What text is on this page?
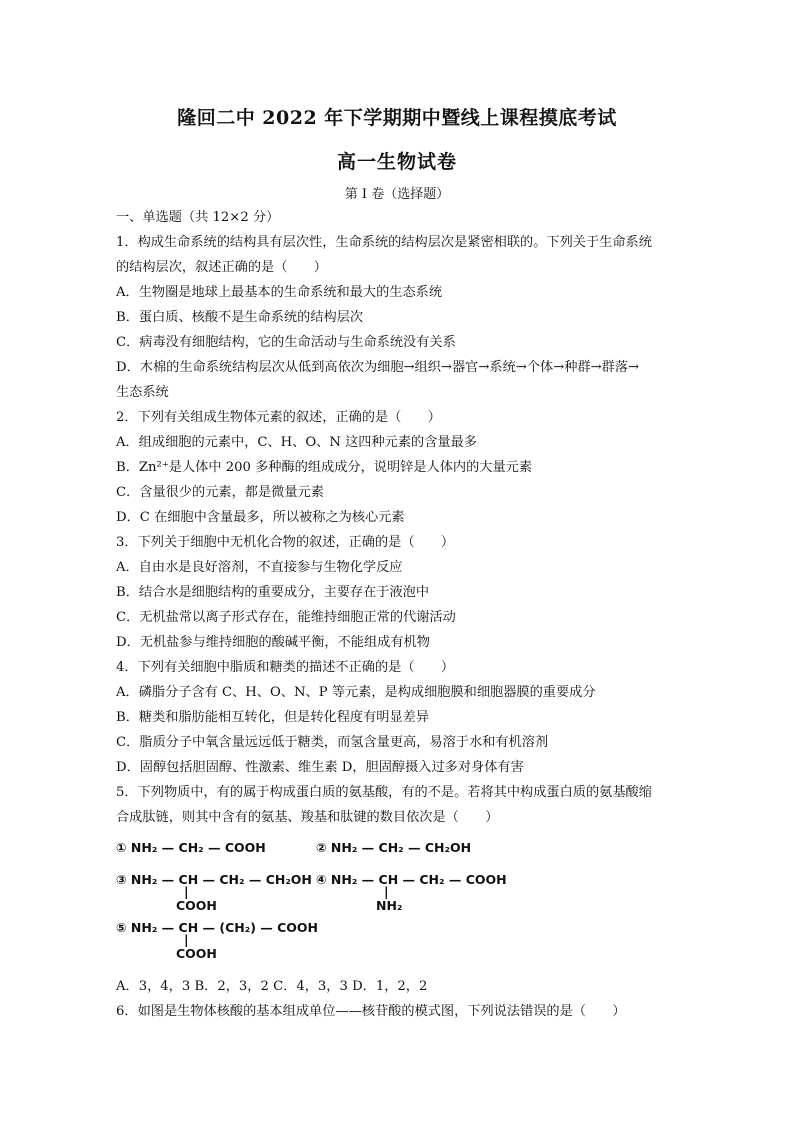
隆回二中 2022 年下学期期中暨线上课程摸底考试
高一生物试卷
第 I 卷（选择题）
一、单选题（共 12×2 分）
1．构成生命系统的结构具有层次性，生命系统的结构层次是紧密相联的。下列关于生命系统
的结构层次，叙述正确的是（　　）
A．生物圈是地球上最基本的生命系统和最大的生态系统
B．蛋白质、核酸不是生命系统的结构层次
C．病毒没有细胞结构，它的生命活动与生命系统没有关系
D．木棉的生命系统结构层次从低到高依次为细胞→组织→器官→系统→个体→种群→群落→
生态系统
2．下列有关组成生物体元素的叙述，正确的是（　　）
A．组成细胞的元素中，C、H、O、N 这四种元素的含量最多
B．Zn²⁺是人体中 200 多种酶的组成成分，说明锌是人体内的大量元素
C．含量很少的元素，都是微量元素
D．C 在细胞中含量最多，所以被称之为核心元素
3．下列关于细胞中无机化合物的叙述，正确的是（　　）
A．自由水是良好溶剂，不直接参与生物化学反应
B．结合水是细胞结构的重要成分，主要存在于液泡中
C．无机盐常以离子形式存在，能维持细胞正常的代谢活动
D．无机盐参与维持细胞的酸碱平衡，不能组成有机物
4．下列有关细胞中脂质和糖类的描述不正确的是（　　）
A．磷脂分子含有 C、H、O、N、P 等元素，是构成细胞膜和细胞器膜的重要成分
B．糖类和脂肪能相互转化，但是转化程度有明显差异
C．脂质分子中氧含量远远低于糖类，而氢含量更高，易溶于水和有机溶剂
D．固醇包括胆固醇、性激素、维生素 D，胆固醇摄入过多对身体有害
5．下列物质中，有的属于构成蛋白质的氨基酸，有的不是。若将其中构成蛋白质的氨基酸缩
合成肽链，则其中含有的氨基、羧基和肽键的数目依次是（　　）
① NH₂ — CH₂ — COOH	② NH₂ — CH₂ — CH₂OH
③ NH₂ — CH — CH₂ — CH₂OH
|
COOH
④ NH₂ — CH — CH₂ — COOH
|
NH₂
⑤ NH₂ — CH — (CH₂) — COOH
|
COOH
A．3，4，3 B．2，3，2 C．4，3，3 D．1，2，2
6．如图是生物体核酸的基本组成单位——核苷酸的模式图，下列说法错误的是（　　）
